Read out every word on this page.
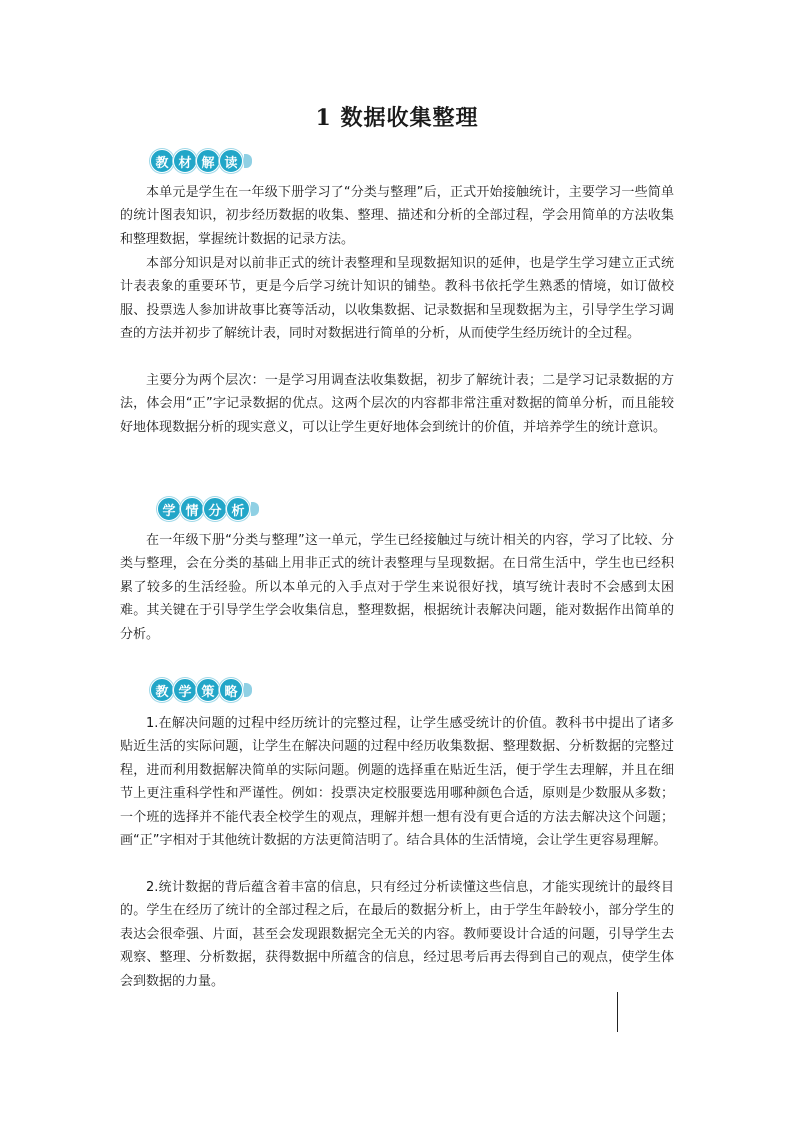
1 数据收集整理
教 材 解 读

本单元是学生在一年级下册学习了“分类与整理”后，正式开始接触统计，主要学习一些简单的统计图表知识，初步经历数据的收集、整理、描述和分析的全部过程，学会用简单的方法收集和整理数据，掌握统计数据的记录方法。

本部分知识是对以前非正式的统计表整理和呈现数据知识的延伸，也是学生学习建立正式统计表表象的重要环节，更是今后学习统计知识的铺垫。教科书依托学生熟悉的情境，如订做校服、投票选人参加讲故事比赛等活动，以收集数据、记录数据和呈现数据为主，引导学生学习调查的方法并初步了解统计表，同时对数据进行简单的分析，从而使学生经历统计的全过程。

主要分为两个层次：一是学习用调查法收集数据，初步了解统计表；二是学习记录数据的方法，体会用“正”字记录数据的优点。这两个层次的内容都非常注重对数据的简单分析，而且能较好地体现数据分析的现实意义，可以让学生更好地体会到统计的价值，并培养学生的统计意识。

学 情 分 析

在一年级下册“分类与整理”这一单元，学生已经接触过与统计相关的内容，学习了比较、分类与整理，会在分类的基础上用非正式的统计表整理与呈现数据。在日常生活中，学生也已经积累了较多的生活经验。所以本单元的入手点对于学生来说很好找，填写统计表时不会感到太困难。其关键在于引导学生学会收集信息，整理数据，根据统计表解决问题，能对数据作出简单的分析。

教 学 策 略

1.在解决问题的过程中经历统计的完整过程，让学生感受统计的价值。教科书中提出了诸多贴近生活的实际问题，让学生在解决问题的过程中经历收集数据、整理数据、分析数据的完整过程，进而利用数据解决简单的实际问题。例题的选择重在贴近生活，便于学生去理解，并且在细节上更注重科学性和严谨性。例如：投票决定校服要选用哪种颜色合适，原则是少数服从多数；一个班的选择并不能代表全校学生的观点，理解并想一想有没有更合适的方法去解决这个问题；画“正”字相对于其他统计数据的方法更简洁明了。结合具体的生活情境，会让学生更容易理解。

2.统计数据的背后蕴含着丰富的信息，只有经过分析读懂这些信息，才能实现统计的最终目的。学生在经历了统计的全部过程之后，在最后的数据分析上，由于学生年龄较小，部分学生的表达会很牵强、片面，甚至会发现跟数据完全无关的内容。教师要设计合适的问题，引导学生去观察、整理、分析数据，获得数据中所蕴含的信息，经过思考后再去得到自己的观点，使学生体会到数据的力量。
